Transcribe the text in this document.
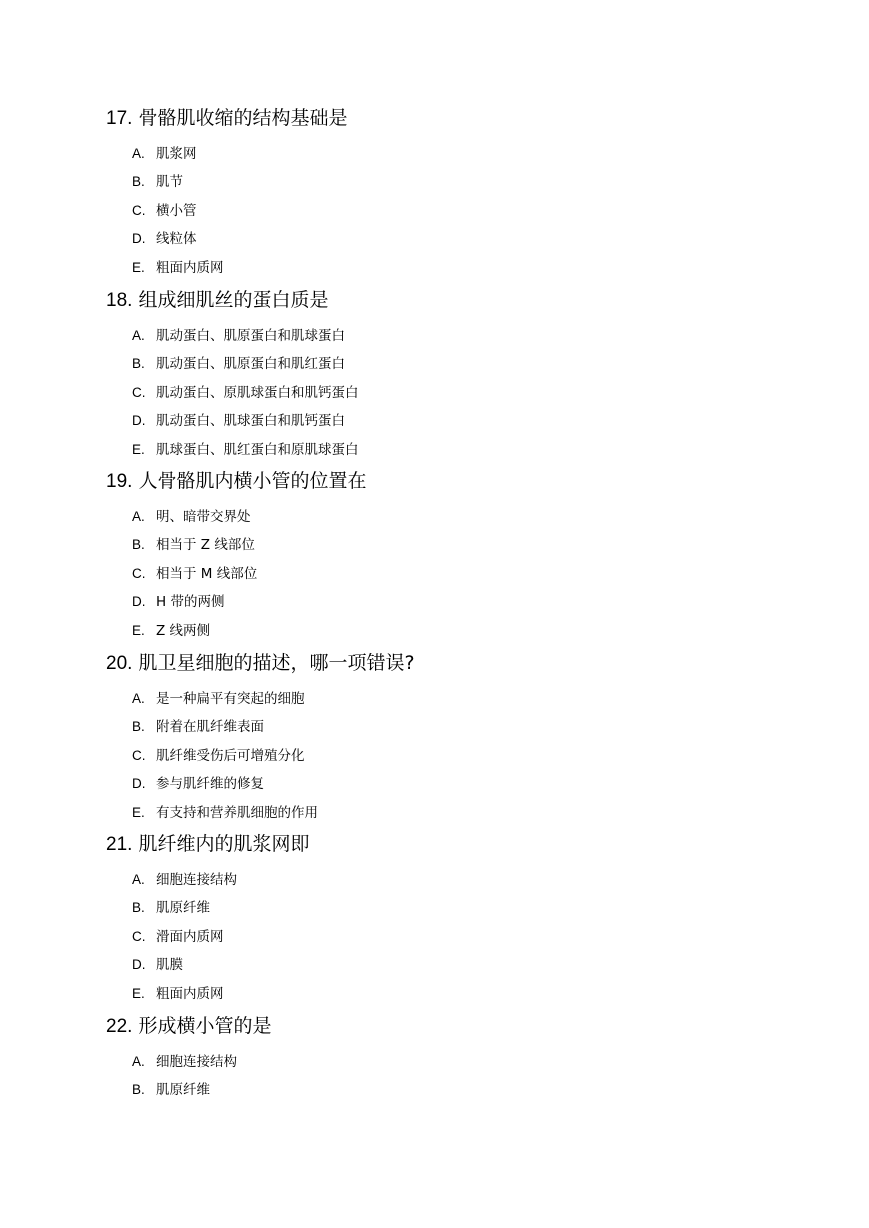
17. 骨骼肌收缩的结构基础是
A. 肌浆网
B. 肌节
C. 横小管
D. 线粒体
E. 粗面内质网
18. 组成细肌丝的蛋白质是
A. 肌动蛋白、肌原蛋白和肌球蛋白
B. 肌动蛋白、肌原蛋白和肌红蛋白
C. 肌动蛋白、原肌球蛋白和肌钙蛋白
D. 肌动蛋白、肌球蛋白和肌钙蛋白
E. 肌球蛋白、肌红蛋白和原肌球蛋白
19. 人骨骼肌内横小管的位置在
A. 明、暗带交界处
B. 相当于 Z 线部位
C. 相当于 M 线部位
D. H 带的两侧
E. Z 线两侧
20. 肌卫星细胞的描述，哪一项错误?
A. 是一种扁平有突起的细胞
B. 附着在肌纤维表面
C. 肌纤维受伤后可增殖分化
D. 参与肌纤维的修复
E. 有支持和营养肌细胞的作用
21. 肌纤维内的肌浆网即
A. 细胞连接结构
B. 肌原纤维
C. 滑面内质网
D. 肌膜
E. 粗面内质网
22. 形成横小管的是
A. 细胞连接结构
B. 肌原纤维
